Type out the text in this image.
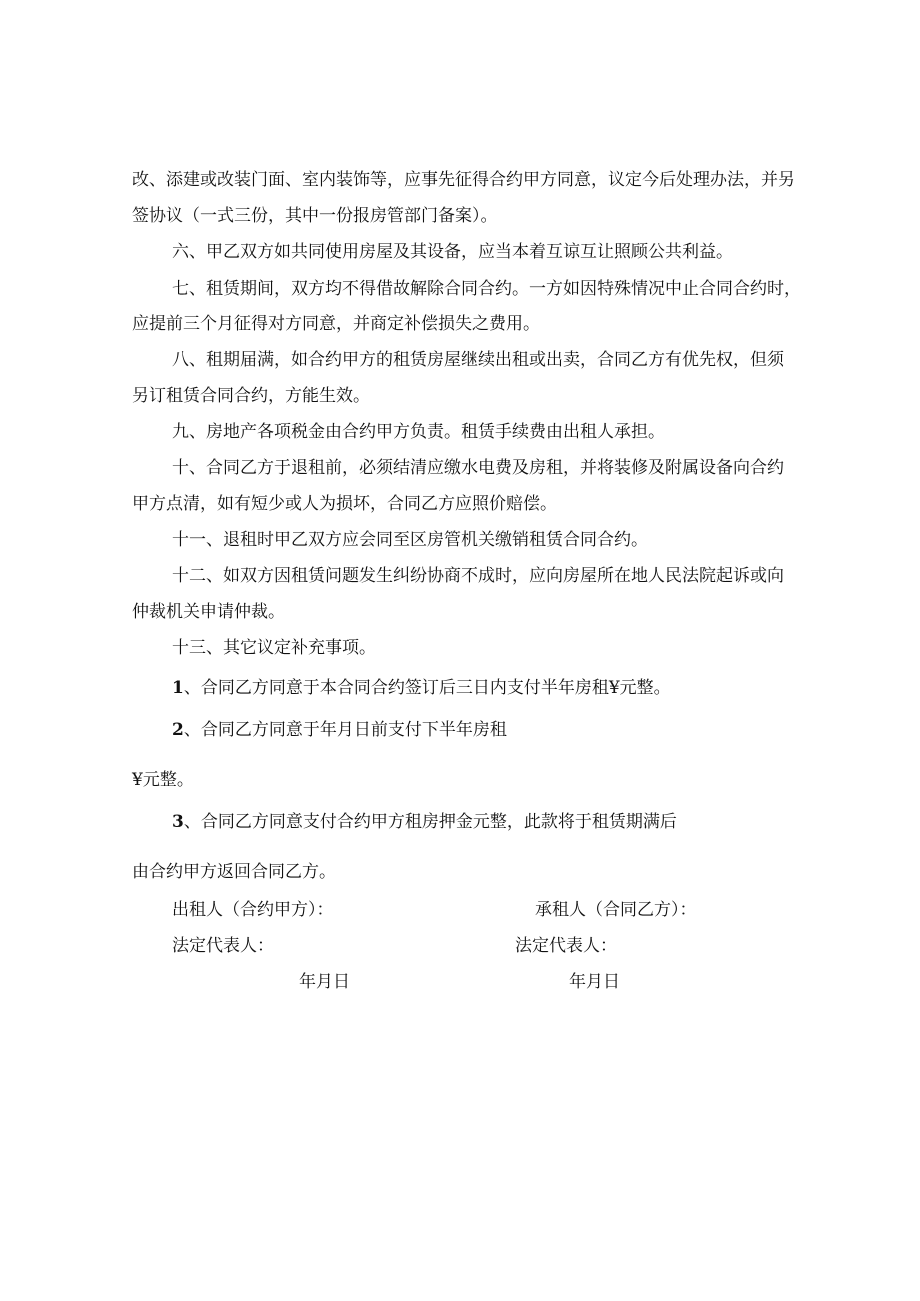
改、添建或改装门面、室内装饰等，应事先征得合约甲方同意，议定今后处理办法，并另
签协议（一式三份，其中一份报房管部门备案）。
六、甲乙双方如共同使用房屋及其设备，应当本着互谅互让照顾公共利益。
七、租赁期间，双方均不得借故解除合同合约。一方如因特殊情况中止合同合约时，
应提前三个月征得对方同意，并商定补偿损失之费用。
八、租期届满，如合约甲方的租赁房屋继续出租或出卖，合同乙方有优先权，但须
另订租赁合同合约，方能生效。
九、房地产各项税金由合约甲方负责。租赁手续费由出租人承担。
十、合同乙方于退租前，必须结清应缴水电费及房租，并将装修及附属设备向合约
甲方点清，如有短少或人为损坏，合同乙方应照价赔偿。
十一、退租时甲乙双方应会同至区房管机关缴销租赁合同合约。
十二、如双方因租赁问题发生纠纷协商不成时，应向房屋所在地人民法院起诉或向
仲裁机关申请仲裁。
十三、其它议定补充事项。
1、合同乙方同意于本合同合约签订后三日内支付半年房租¥元整。
2、合同乙方同意于年月日前支付下半年房租
¥元整。
3、合同乙方同意支付合约甲方租房押金元整，此款将于租赁期满后
由合约甲方返回合同乙方。
出租人（合约甲方）：	承租人（合同乙方）：
法定代表人：	法定代表人：
年月日	年月日
